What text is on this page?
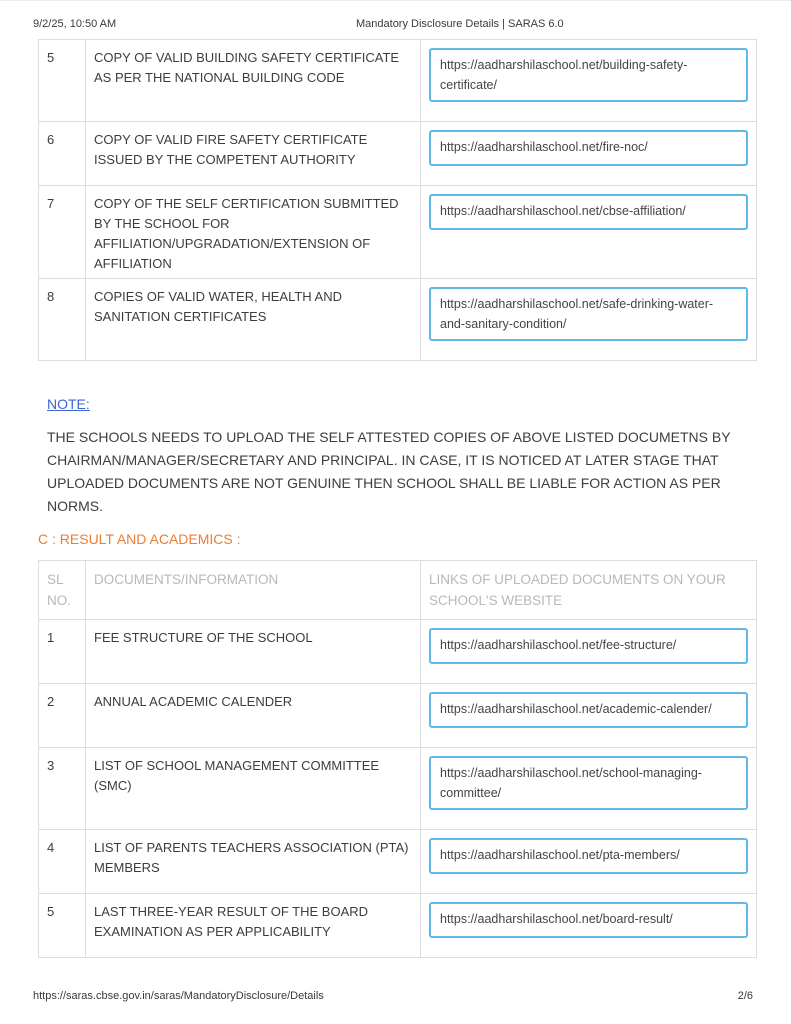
9/2/25, 10:50 AM	Mandatory Disclosure Details | SARAS 6.0
5	COPY OF VALID BUILDING SAFETY CERTIFICATE AS PER THE NATIONAL BUILDING CODE	https://aadharshilaschool.net/building-safety-certificate/

6	COPY OF VALID FIRE SAFETY CERTIFICATE ISSUED BY THE COMPETENT AUTHORITY	https://aadharshilaschool.net/fire-noc/

7	COPY OF THE SELF CERTIFICATION SUBMITTED BY THE SCHOOL FOR AFFILIATION/UPGRADATION/EXTENSION OF AFFILIATION	https://aadharshilaschool.net/cbse-affiliation/

8	COPIES OF VALID WATER, HEALTH AND SANITATION CERTIFICATES	https://aadharshilaschool.net/safe-drinking-water-and-sanitary-condition/
NOTE:
THE SCHOOLS NEEDS TO UPLOAD THE SELF ATTESTED COPIES OF ABOVE LISTED DOCUMETNS BY CHAIRMAN/MANAGER/SECRETARY AND PRINCIPAL. IN CASE, IT IS NOTICED AT LATER STAGE THAT UPLOADED DOCUMENTS ARE NOT GENUINE THEN SCHOOL SHALL BE LIABLE FOR ACTION AS PER NORMS.
C : RESULT AND ACADEMICS :
SL NO.	DOCUMENTS/INFORMATION	LINKS OF UPLOADED DOCUMENTS ON YOUR SCHOOL'S WEBSITE
1	FEE STRUCTURE OF THE SCHOOL	https://aadharshilaschool.net/fee-structure/

2	ANNUAL ACADEMIC CALENDER	https://aadharshilaschool.net/academic-calender/

3	LIST OF SCHOOL MANAGEMENT COMMITTEE (SMC)	https://aadharshilaschool.net/school-managing-committee/

4	LIST OF PARENTS TEACHERS ASSOCIATION (PTA) MEMBERS	https://aadharshilaschool.net/pta-members/

5	LAST THREE-YEAR RESULT OF THE BOARD EXAMINATION AS PER APPLICABILITY	https://aadharshilaschool.net/board-result/
https://saras.cbse.gov.in/saras/MandatoryDisclosure/Details	2/6
